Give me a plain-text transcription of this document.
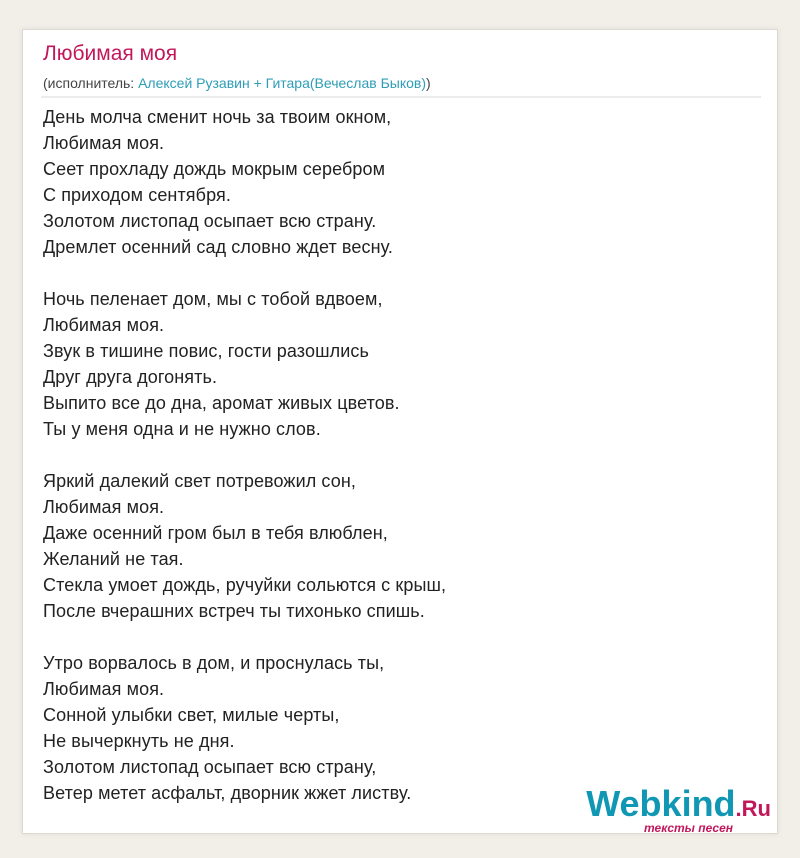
Любимая моя
(исполнитель: Алексей Рузавин + Гитара(Вечеслав Быков))
День молча сменит ночь за твоим окном,
Любимая моя.
Сеет прохладу дождь мокрым серебром
С приходом сентября.
Золотом листопад осыпает всю страну.
Дремлет осенний сад словно ждет весну.
Ночь пеленает дом, мы с тобой вдвоем,
Любимая моя.
Звук в тишине повис, гости разошлись
Друг друга догонять.
Выпито все до дна, аромат живых цветов.
Ты у меня одна и не нужно слов.
Яркий далекий свет потревожил сон,
Любимая моя.
Даже осенний гром был в тебя влюблен,
Желаний не тая.
Стекла умоет дождь, ручуйки сольются с крыш,
После вчерашних встреч ты тихонько спишь.
Утро ворвалось в дом, и проснулась ты,
Любимая моя.
Сонной улыбки свет, милые черты,
Не вычеркнуть не дня.
Золотом листопад осыпает всю страну,
Ветер метет асфальт, дворник жжет листву.	Webkind.Ru
тексты песен
